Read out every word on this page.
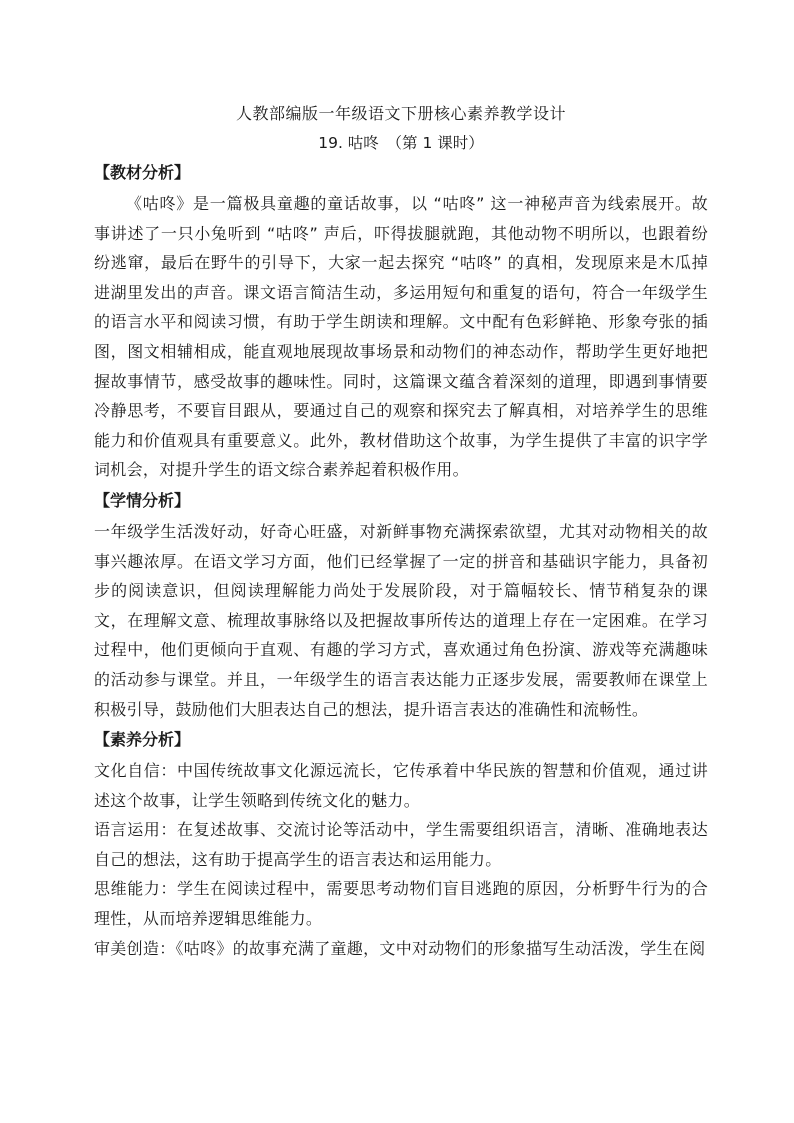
人教部编版一年级语文下册核心素养教学设计
19. 咕咚　（第 1 课时）
【教材分析】

《咕咚》是一篇极具童趣的童话故事，以 “咕咚” 这一神秘声音为线索展开。故事讲述了一只小兔听到 “咕咚” 声后，吓得拔腿就跑，其他动物不明所以，也跟着纷纷逃窜，最后在野牛的引导下，大家一起去探究 “咕咚” 的真相，发现原来是木瓜掉进湖里发出的声音。课文语言简洁生动，多运用短句和重复的语句，符合一年级学生的语言水平和阅读习惯，有助于学生朗读和理解。文中配有色彩鲜艳、形象夸张的插图，图文相辅相成，能直观地展现故事场景和动物们的神态动作，帮助学生更好地把握故事情节，感受故事的趣味性。同时，这篇课文蕴含着深刻的道理，即遇到事情要冷静思考，不要盲目跟从，要通过自己的观察和探究去了解真相，对培养学生的思维能力和价值观具有重要意义。此外，教材借助这个故事，为学生提供了丰富的识字学词机会，对提升学生的语文综合素养起着积极作用。

【学情分析】

一年级学生活泼好动，好奇心旺盛，对新鲜事物充满探索欲望，尤其对动物相关的故事兴趣浓厚。在语文学习方面，他们已经掌握了一定的拼音和基础识字能力，具备初步的阅读意识，但阅读理解能力尚处于发展阶段，对于篇幅较长、情节稍复杂的课文，在理解文意、梳理故事脉络以及把握故事所传达的道理上存在一定困难。在学习过程中，他们更倾向于直观、有趣的学习方式，喜欢通过角色扮演、游戏等充满趣味的活动参与课堂。并且，一年级学生的语言表达能力正逐步发展，需要教师在课堂上积极引导，鼓励他们大胆表达自己的想法，提升语言表达的准确性和流畅性。

【素养分析】

文化自信：中国传统故事文化源远流长，它传承着中华民族的智慧和价值观，通过讲述这个故事，让学生领略到传统文化的魅力。

语言运用：在复述故事、交流讨论等活动中，学生需要组织语言，清晰、准确地表达自己的想法，这有助于提高学生的语言表达和运用能力。

思维能力：学生在阅读过程中，需要思考动物们盲目逃跑的原因，分析野牛行为的合理性，从而培养逻辑思维能力。

审美创造：《咕咚》的故事充满了童趣，文中对动物们的形象描写生动活泼，学生在阅
